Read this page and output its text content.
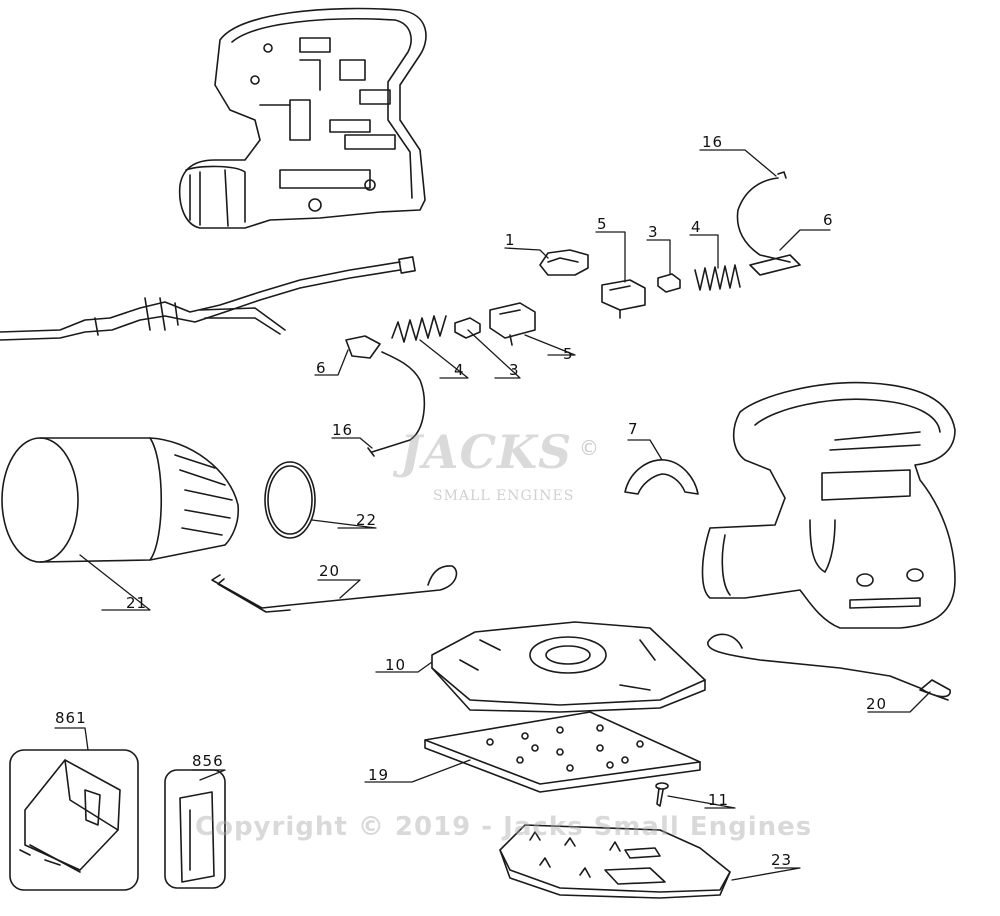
1
5	3 4
16
6
6	4	3
5
16	7
22
21
20
10
20
861
856
19
11
23
JACKS ©
SMALL ENGINES
Copyright © 2019 - Jacks Small Engines
